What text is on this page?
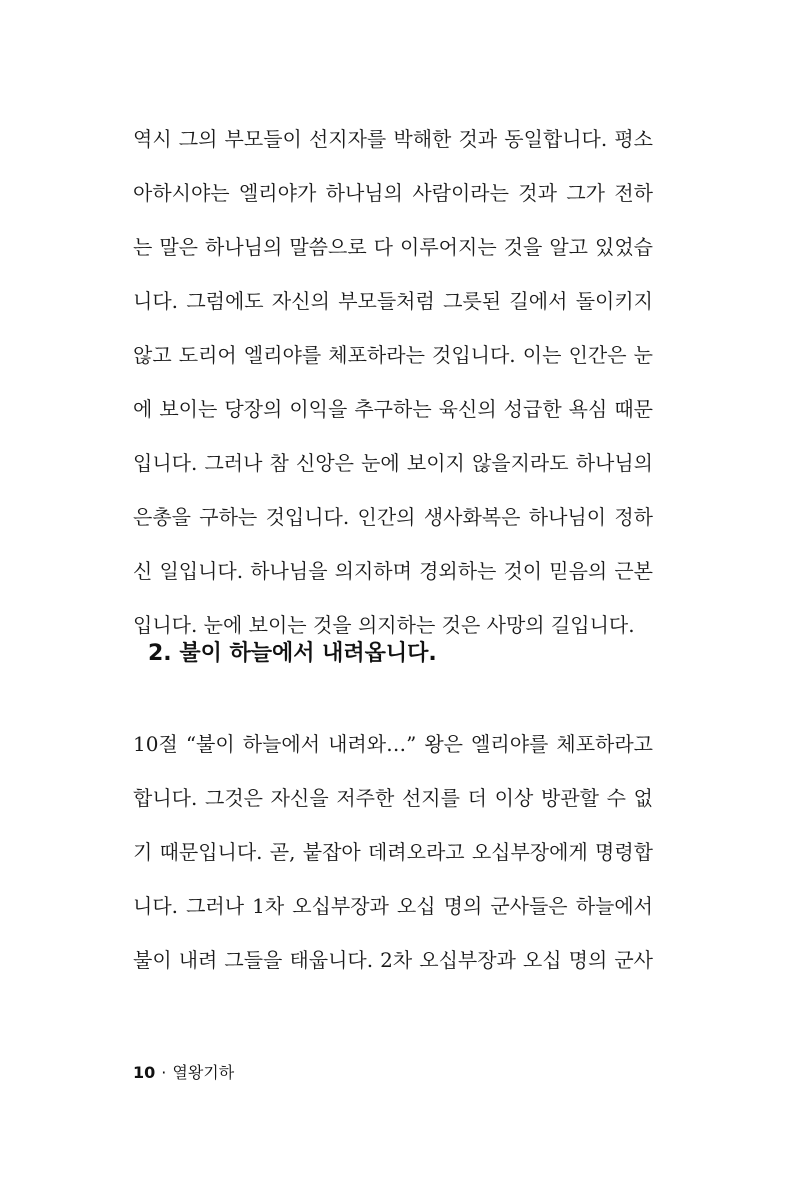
역시 그의 부모들이 선지자를 박해한 것과 동일합니다. 평소
아하시야는 엘리야가 하나님의 사람이라는 것과 그가 전하
는 말은 하나님의 말씀으로 다 이루어지는 것을 알고 있었습
니다. 그럼에도 자신의 부모들처럼 그릇된 길에서 돌이키지
않고 도리어 엘리야를 체포하라는 것입니다. 이는 인간은 눈
에 보이는 당장의 이익을 추구하는 육신의 성급한 욕심 때문
입니다. 그러나 참 신앙은 눈에 보이지 않을지라도 하나님의
은총을 구하는 것입니다. 인간의 생사화복은 하나님이 정하
신 일입니다. 하나님을 의지하며 경외하는 것이 믿음의 근본
입니다. 눈에 보이는 것을 의지하는 것은 사망의 길입니다.
2. 불이 하늘에서 내려옵니다.
10절 “불이 하늘에서 내려와…” 왕은 엘리야를 체포하라고
합니다. 그것은 자신을 저주한 선지를 더 이상 방관할 수 없
기 때문입니다. 곧, 붙잡아 데려오라고 오십부장에게 명령합
니다. 그러나 1차 오십부장과 오십 명의 군사들은 하늘에서
불이 내려 그들을 태웁니다. 2차 오십부장과 오십 명의 군사
10 · 열왕기하
